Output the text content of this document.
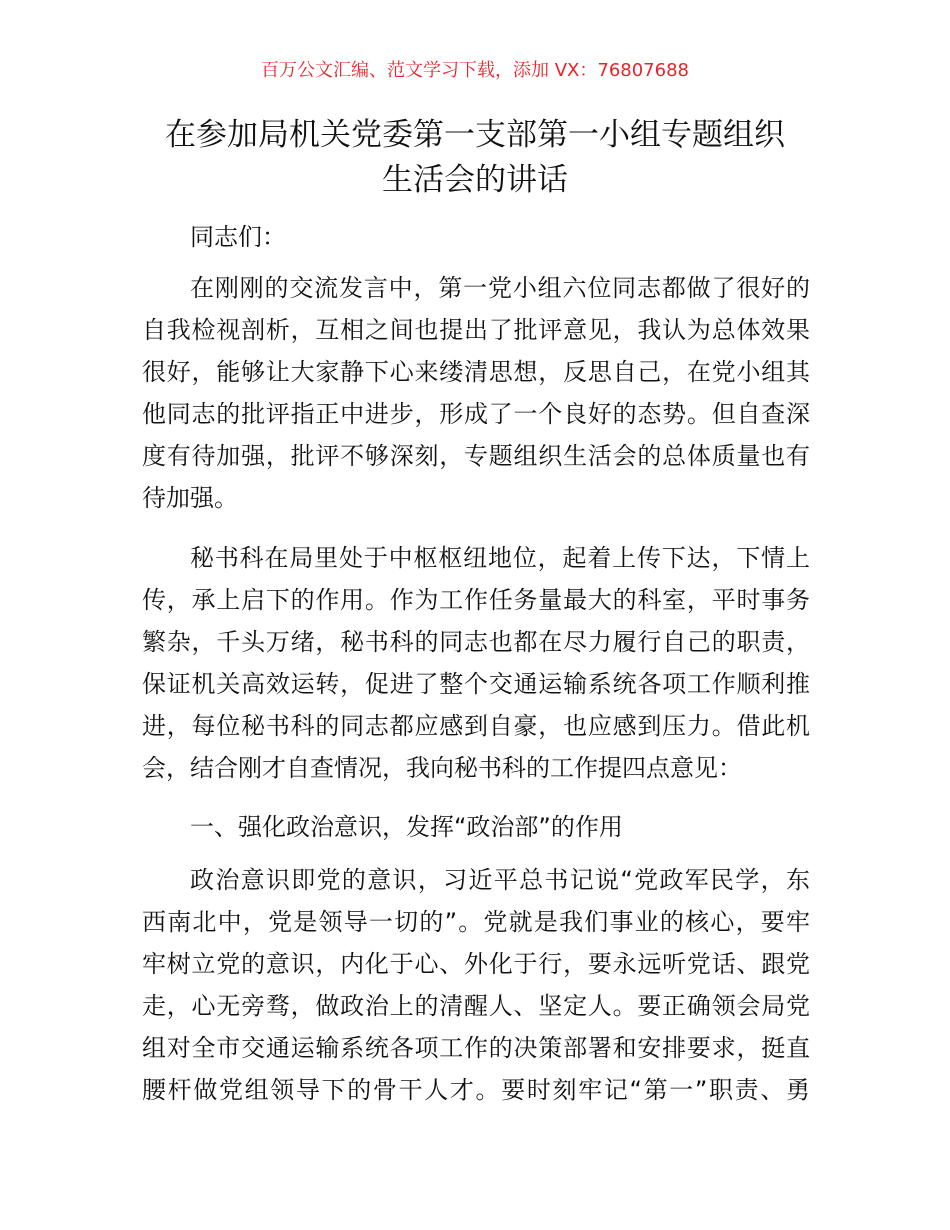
百万公文汇编、范文学习下载，添加 VX：76807688
在参加局机关党委第一支部第一小组专题组织
生活会的讲话
同志们：
在刚刚的交流发言中，第一党小组六位同志都做了很好的
自我检视剖析，互相之间也提出了批评意见，我认为总体效果
很好，能够让大家静下心来缕清思想，反思自己，在党小组其
他同志的批评指正中进步，形成了一个良好的态势。但自查深
度有待加强，批评不够深刻，专题组织生活会的总体质量也有
待加强。
秘书科在局里处于中枢枢纽地位，起着上传下达，下情上
传，承上启下的作用。作为工作任务量最大的科室，平时事务
繁杂，千头万绪，秘书科的同志也都在尽力履行自己的职责，
保证机关高效运转，促进了整个交通运输系统各项工作顺利推
进，每位秘书科的同志都应感到自豪，也应感到压力。借此机
会，结合刚才自查情况，我向秘书科的工作提四点意见：
一、强化政治意识，发挥“政治部”的作用
政治意识即党的意识，习近平总书记说“党政军民学，东
西南北中，党是领导一切的”。党就是我们事业的核心，要牢
牢树立党的意识，内化于心、外化于行，要永远听党话、跟党
走，心无旁骛，做政治上的清醒人、坚定人。要正确领会局党
组对全市交通运输系统各项工作的决策部署和安排要求，挺直
腰杆做党组领导下的骨干人才。要时刻牢记“第一”职责、勇
